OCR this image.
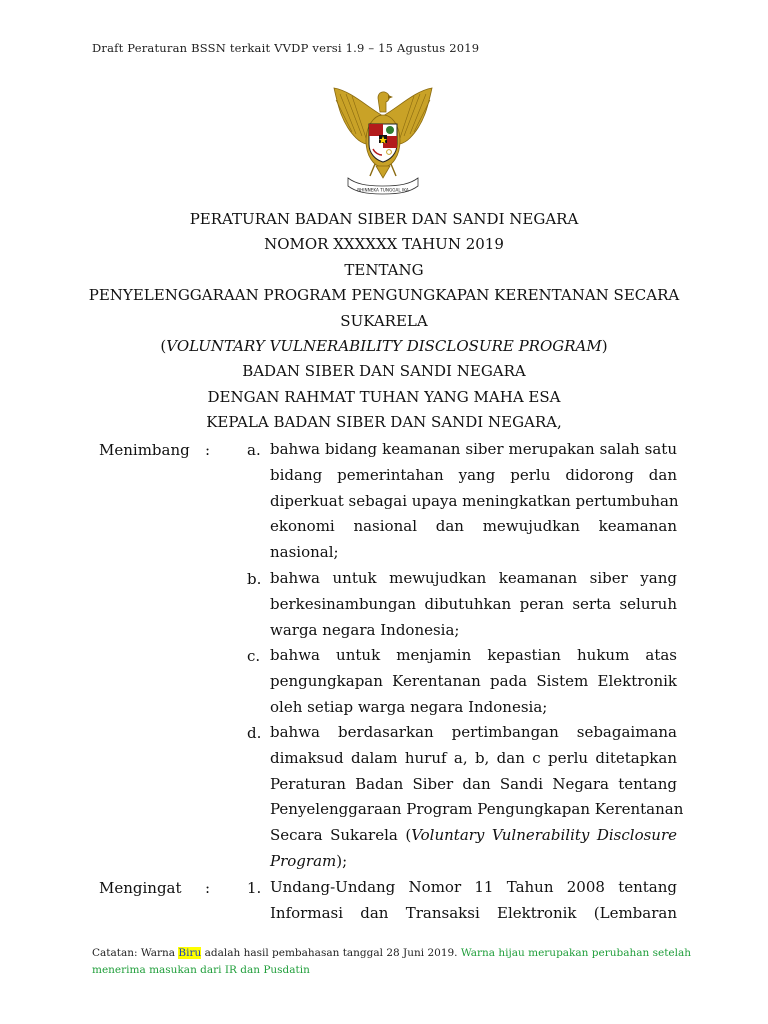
Draft Peraturan BSSN terkait VVDP versi 1.9 – 15 Agustus 2019
BHINNEKA TUNGGAL IKA
PERATURAN BADAN SIBER DAN SANDI NEGARA
NOMOR XXXXXX TAHUN 2019
TENTANG
PENYELENGGARAAN PROGRAM PENGUNGKAPAN KERENTANAN SECARA
SUKARELA
(VOLUNTARY VULNERABILITY DISCLOSURE PROGRAM)
BADAN SIBER DAN SANDI NEGARA
DENGAN RAHMAT TUHAN YANG MAHA ESA
KEPALA BADAN SIBER DAN SANDI NEGARA,
Menimbang : a. bahwa bidang keamanan siber merupakan salah satu
bidang pemerintahan yang perlu didorong dan
diperkuat sebagai upaya meningkatkan pertumbuhan
ekonomi nasional dan mewujudkan keamanan
nasional;
b. bahwa untuk mewujudkan keamanan siber yang
berkesinambungan dibutuhkan peran serta seluruh
warga negara Indonesia;
c. bahwa untuk menjamin kepastian hukum atas
pengungkapan Kerentanan pada Sistem Elektronik
oleh setiap warga negara Indonesia;
d. bahwa berdasarkan pertimbangan sebagaimana
dimaksud dalam huruf a, b, dan c perlu ditetapkan
Peraturan Badan Siber dan Sandi Negara tentang
Penyelenggaraan Program Pengungkapan Kerentanan
Secara Sukarela (Voluntary Vulnerability Disclosure
Program);
Mengingat : 1. Undang-Undang Nomor 11 Tahun 2008 tentang
Informasi dan Transaksi Elektronik (Lembaran
Catatan: Warna Biru adalah hasil pembahasan tanggal 28 Juni 2019. Warna hijau merupakan perubahan setelah menerima masukan dari IR dan Pusdatin
